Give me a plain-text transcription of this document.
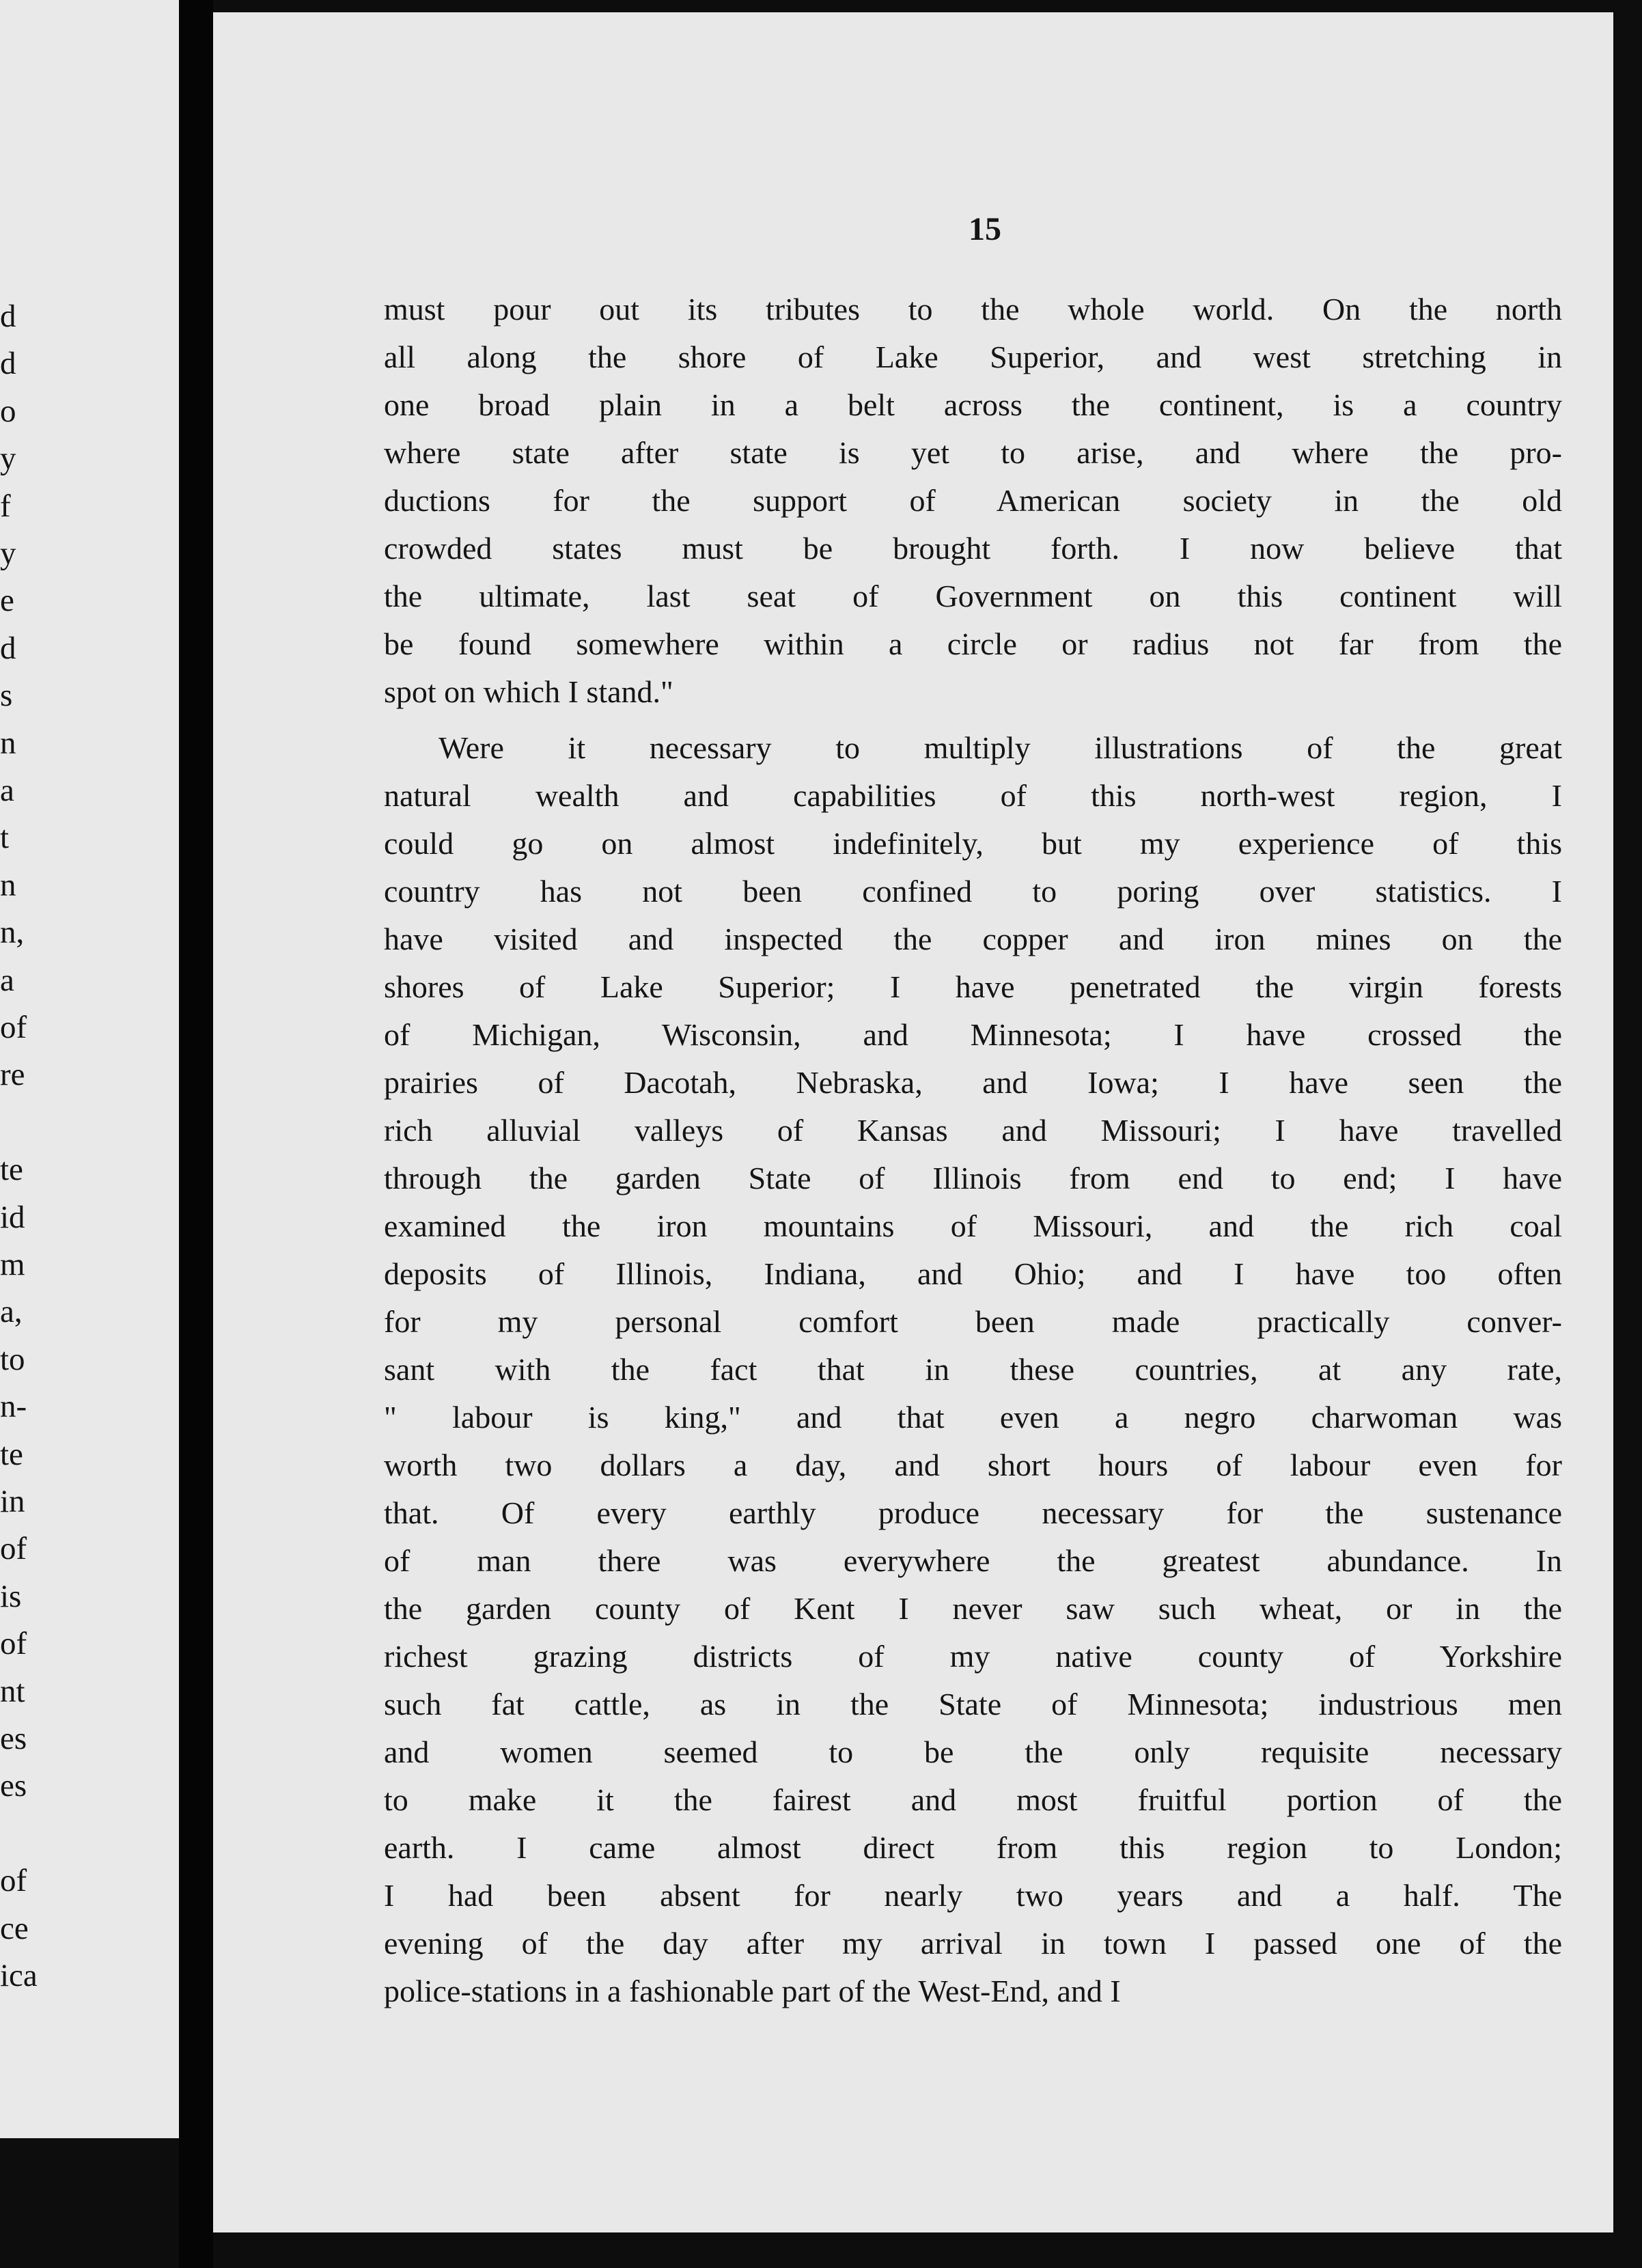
d
d
o
y
f
y
e
d
s
n
a
t
n
n,
a
of
re
te
id
m
a,
to
n-
te
in
of
is
of
nt
es
es
of
ce
ica
15
must pour out its tributes to the whole world. On the north
all along the shore of Lake Superior, and west stretching in
one broad plain in a belt across the continent, is a country
where state after state is yet to arise, and where the pro-
ductions for the support of American society in the old
crowded states must be brought forth. I now believe that
the ultimate, last seat of Government on this continent will
be found somewhere within a circle or radius not far from the
spot on which I stand."
Were it necessary to multiply illustrations of the great
natural wealth and capabilities of this north-west region, I
could go on almost indefinitely, but my experience of this
country has not been confined to poring over statistics. I
have visited and inspected the copper and iron mines on the
shores of Lake Superior; I have penetrated the virgin forests
of Michigan, Wisconsin, and Minnesota; I have crossed the
prairies of Dacotah, Nebraska, and Iowa; I have seen the
rich alluvial valleys of Kansas and Missouri; I have travelled
through the garden State of Illinois from end to end; I have
examined the iron mountains of Missouri, and the rich coal
deposits of Illinois, Indiana, and Ohio; and I have too often
for my personal comfort been made practically conver-
sant with the fact that in these countries, at any rate,
" labour is king," and that even a negro charwoman was
worth two dollars a day, and short hours of labour even for
that. Of every earthly produce necessary for the sustenance
of man there was everywhere the greatest abundance. In
the garden county of Kent I never saw such wheat, or in the
richest grazing districts of my native county of Yorkshire
such fat cattle, as in the State of Minnesota; industrious men
and women seemed to be the only requisite necessary
to make it the fairest and most fruitful portion of the
earth. I came almost direct from this region to London;
I had been absent for nearly two years and a half. The
evening of the day after my arrival in town I passed one of the
police-stations in a fashionable part of the West-End, and I
